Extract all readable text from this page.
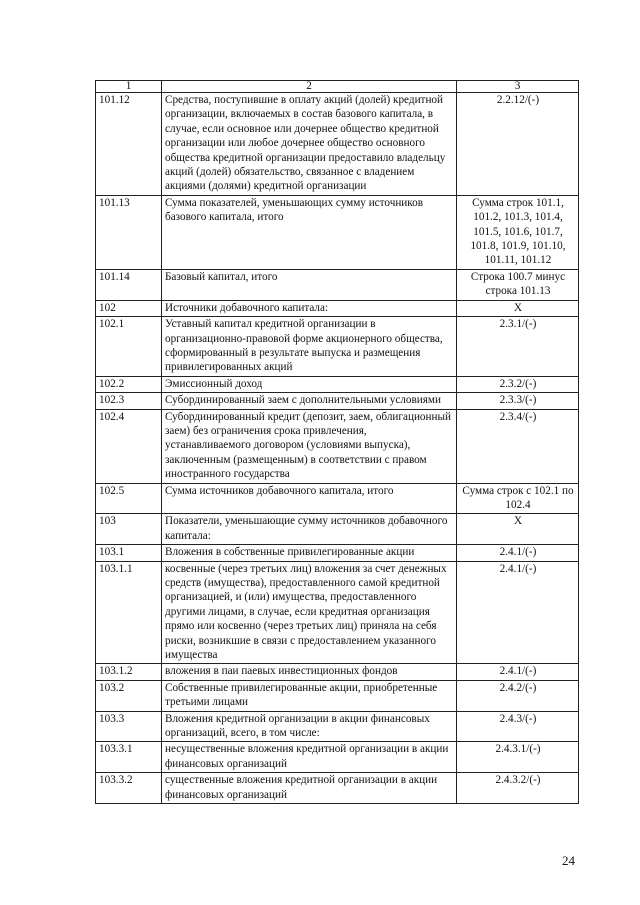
1	2	3
101.12	Средства, поступившие в оплату акций (долей) кредитной организации, включаемых в состав базового капитала, в случае, если основное или дочернее общество кредитной организации или любое дочернее общество основного общества кредитной организации предоставило владельцу акций (долей) обязательство, связанное с владением акциями (долями) кредитной организации	2.2.12/(-)
101.13	Сумма показателей, уменьшающих сумму источников базового капитала, итого	Сумма строк 101.1, 101.2, 101.3, 101.4, 101.5, 101.6, 101.7, 101.8, 101.9, 101.10, 101.11, 101.12
101.14	Базовый капитал, итого	Строка 100.7 минус строка 101.13
102	Источники добавочного капитала:	X
102.1	Уставный капитал кредитной организации в организационно-правовой форме акционерного общества, сформированный в результате выпуска и размещения привилегированных акций	2.3.1/(-)
102.2	Эмиссионный доход	2.3.2/(-)
102.3	Субординированный заем с дополнительными условиями	2.3.3/(-)
102.4	Субординированный кредит (депозит, заем, облигационный заем) без ограничения срока привлечения, устанавливаемого договором (условиями выпуска), заключенным (размещенным) в соответствии с правом иностранного государства	2.3.4/(-)
102.5	Сумма источников добавочного капитала, итого	Сумма строк с 102.1 по 102.4
103	Показатели, уменьшающие сумму источников добавочного капитала:	X
103.1	Вложения в собственные привилегированные акции	2.4.1/(-)
103.1.1	косвенные (через третьих лиц) вложения за счет денежных средств (имущества), предоставленного самой кредитной организацией, и (или) имущества, предоставленного другими лицами, в случае, если кредитная организация прямо или косвенно (через третьих лиц) приняла на себя риски, возникшие в связи с предоставлением указанного имущества	2.4.1/(-)
103.1.2	вложения в паи паевых инвестиционных фондов	2.4.1/(-)
103.2	Собственные привилегированные акции, приобретенные третьими лицами	2.4.2/(-)
103.3	Вложения кредитной организации в акции финансовых организаций, всего, в том числе:	2.4.3/(-)
103.3.1	несущественные вложения кредитной организации в акции финансовых организаций	2.4.3.1/(-)
103.3.2	существенные вложения кредитной организации в акции финансовых организаций	2.4.3.2/(-)
24
